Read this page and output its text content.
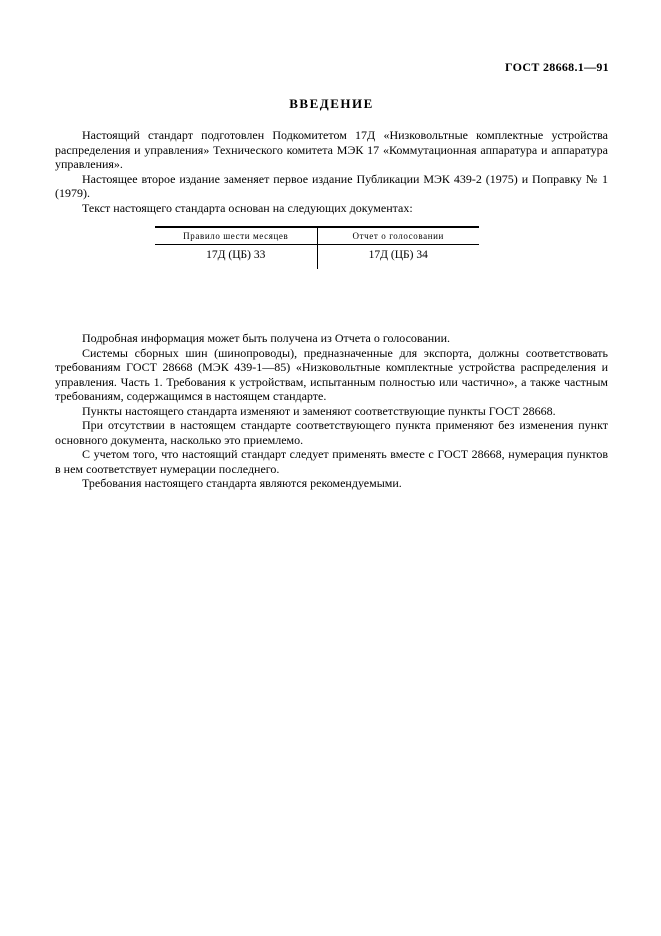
ГОСТ 28668.1—91
ВВЕДЕНИЕ

Настоящий стандарт подготовлен Подкомитетом 17Д «Низковольтные комплектные устройства распределения и управления» Технического комитета МЭК 17 «Коммутационная аппаратура и аппаратура управления».

Настоящее второе издание заменяет первое издание Публикации МЭК 439-2 (1975) и Поправку № 1 (1979).

Текст настоящего стандарта основан на следующих документах:

Правило шести месяцев	Отчет о голосовании
17Д (ЦБ) 33	17Д (ЦБ) 34

Подробная информация может быть получена из Отчета о голосовании.

Системы сборных шин (шинопроводы), предназначенные для экспорта, должны соответствовать требованиям ГОСТ 28668 (МЭК 439-1—85) «Низковольтные комплектные устройства распределения и управления. Часть 1. Требования к устройствам, испытанным полностью или частично», а также частным требованиям, содержащимся в настоящем стандарте.

Пункты настоящего стандарта изменяют и заменяют соответствующие пункты ГОСТ 28668.

При отсутствии в настоящем стандарте соответствующего пункта применяют без изменения пункт основного документа, насколько это приемлемо.

С учетом того, что настоящий стандарт следует применять вместе с ГОСТ 28668, нумерация пунктов в нем соответствует нумерации последнего.

Требования настоящего стандарта являются рекомендуемыми.
